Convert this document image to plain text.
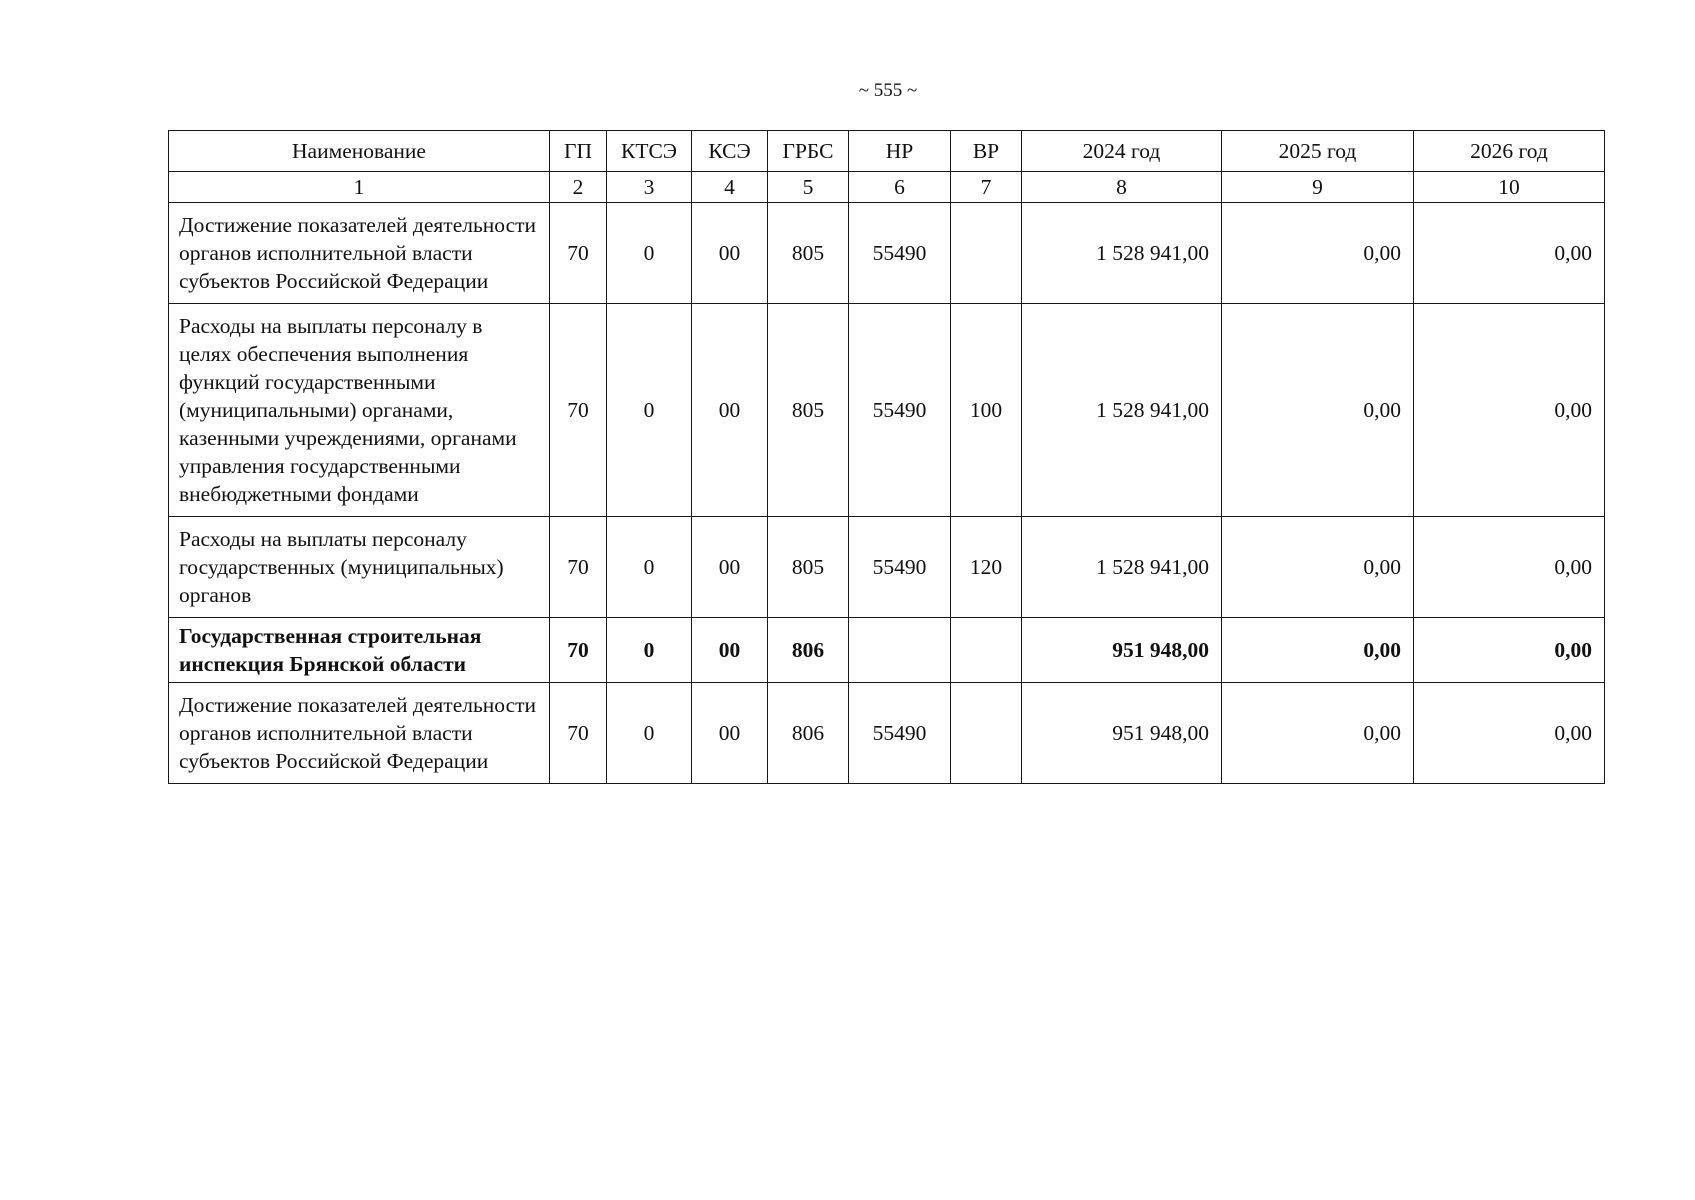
~ 555 ~
Наименование	ГП	КТСЭ	КСЭ	ГРБС	НР	ВР	2024 год	2025 год	2026 год
1	2	3	4	5	6	7	8	9	10
Достижение показателей деятельности органов исполнительной власти субъектов Российской Федерации	70	0	00	805	55490		1 528 941,00	0,00	0,00
Расходы на выплаты персоналу в целях обеспечения выполнения функций государственными (муниципальными) органами, казенными учреждениями, органами управления государственными внебюджетными фондами	70	0	00	805	55490	100	1 528 941,00	0,00	0,00
Расходы на выплаты персоналу государственных (муниципальных) органов	70	0	00	805	55490	120	1 528 941,00	0,00	0,00
Государственная строительная инспекция Брянской области	70	0	00	806			951 948,00	0,00	0,00
Достижение показателей деятельности органов исполнительной власти субъектов Российской Федерации	70	0	00	806	55490		951 948,00	0,00	0,00
